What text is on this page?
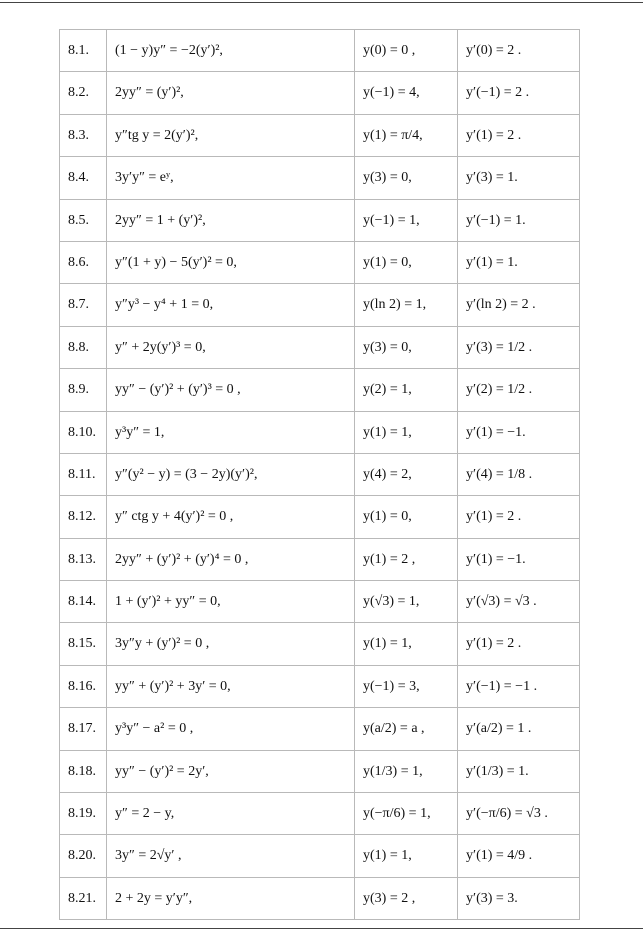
8.1.	(1 − y)y″ = −2(y′)²,	y(0) = 0 ,	y′(0) = 2 .
8.2.	2yy″ = (y′)²,	y(−1) = 4,	y′(−1) = 2 .
8.3.	y″tg y = 2(y′)²,	y(1) = π/4,	y′(1) = 2 .
8.4.	3y′y″ = eʸ,	y(3) = 0,	y′(3) = 1.
8.5.	2yy″ = 1 + (y′)²,	y(−1) = 1,	y′(−1) = 1.
8.6.	y″(1 + y) − 5(y′)² = 0,	y(1) = 0,	y′(1) = 1.
8.7.	y″y³ − y⁴ + 1 = 0,	y(ln 2) = 1,	y′(ln 2) = 2 .
8.8.	y″ + 2y(y′)³ = 0,	y(3) = 0,	y′(3) = 1/2 .
8.9.	yy″ − (y′)² + (y′)³ = 0 ,	y(2) = 1,	y′(2) = 1/2 .
8.10.	y³y″ = 1,	y(1) = 1,	y′(1) = −1.
8.11.	y″(y² − y) = (3 − 2y)(y′)²,	y(4) = 2,	y′(4) = 1/8 .
8.12.	y″ ctg y + 4(y′)² = 0 ,	y(1) = 0,	y′(1) = 2 .
8.13.	2yy″ + (y′)² + (y′)⁴ = 0 ,	y(1) = 2 ,	y′(1) = −1.
8.14.	1 + (y′)² + yy″ = 0,	y(√3) = 1,	y′(√3) = √3 .
8.15.	3y″y + (y′)² = 0 ,	y(1) = 1,	y′(1) = 2 .
8.16.	yy″ + (y′)² + 3y′ = 0,	y(−1) = 3,	y′(−1) = −1 .
8.17.	y³y″ − a² = 0 ,	y(a/2) = a ,	y′(a/2) = 1 .
8.18.	yy″ − (y′)² = 2y′,	y(1/3) = 1,	y′(1/3) = 1.
8.19.	y″ = 2 − y,	y(−π/6) = 1,	y′(−π/6) = √3 .
8.20.	3y″ = 2√y′ ,	y(1) = 1,	y′(1) = 4/9 .
8.21.	2 + 2y = y′y″,	y(3) = 2 ,	y′(3) = 3.
